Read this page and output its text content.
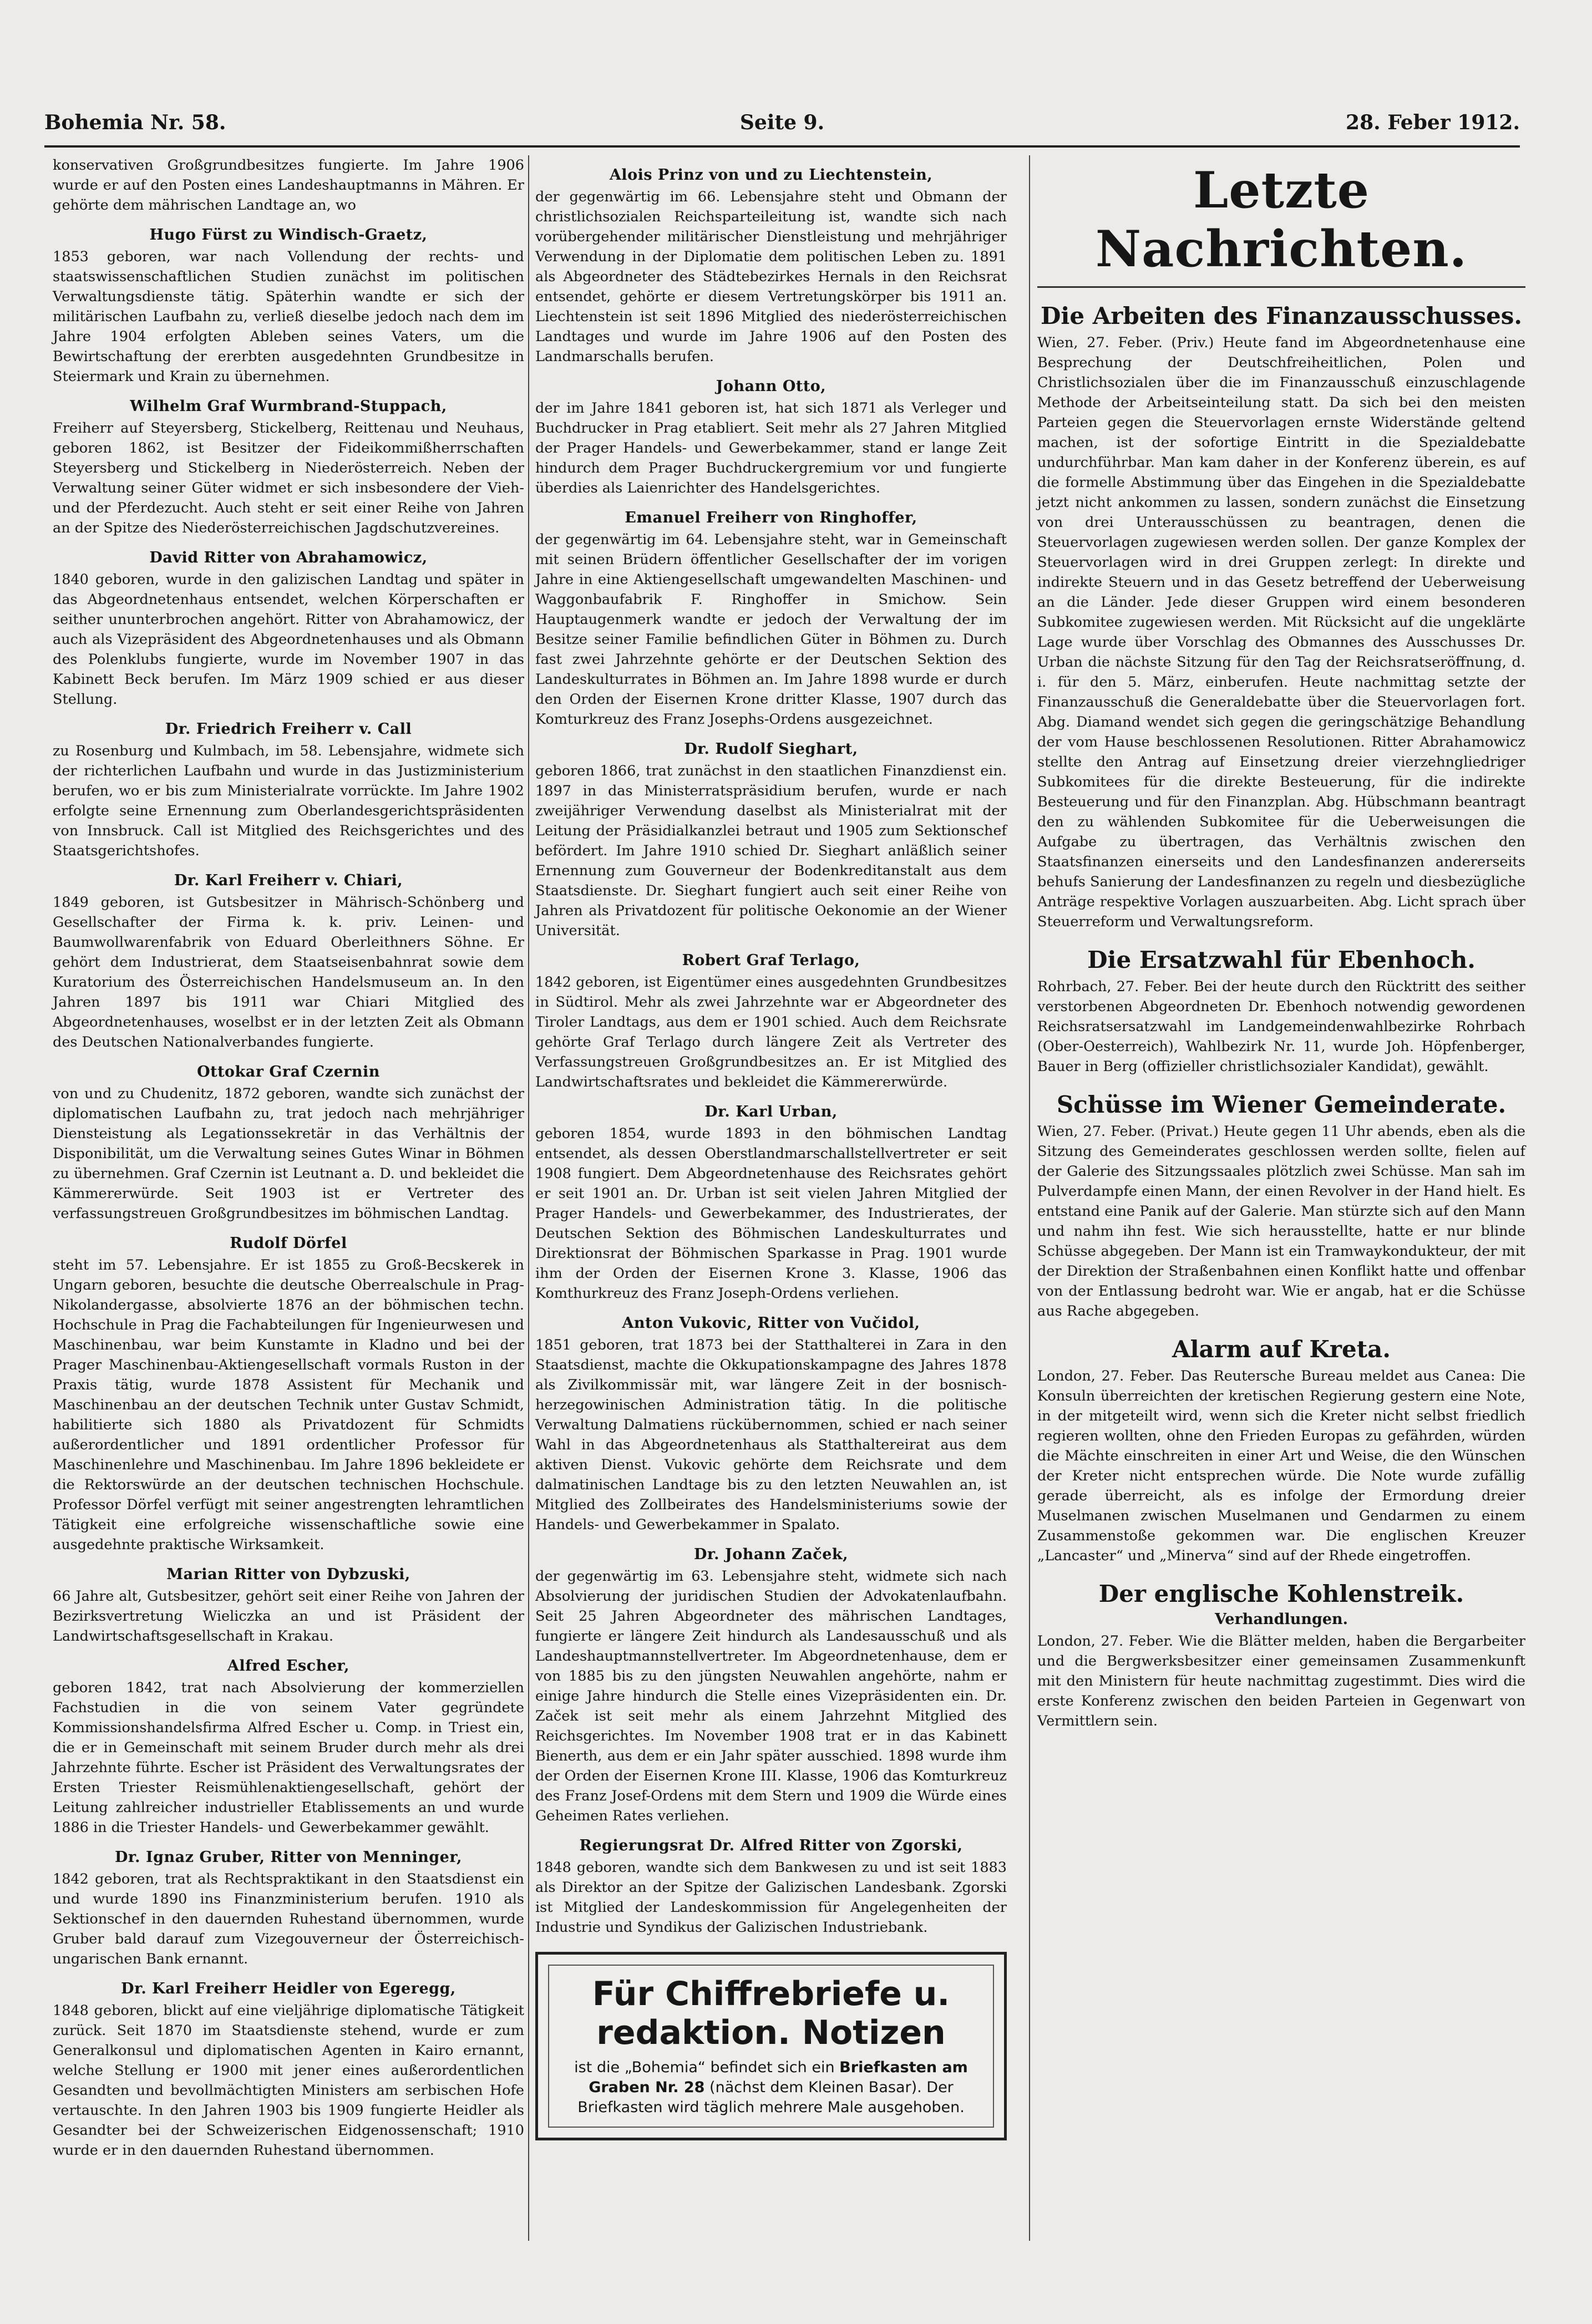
Bohemia Nr. 58.	Seite 9.	28. Feber 1912.

konservativen Großgrundbesitzes fungierte. Im Jahre 1906 wurde er auf den Posten eines Landeshauptmanns in Mähren. Er gehörte dem mährischen Landtage an, wo

Hugo Fürst zu Windisch-Graetz,

1853 geboren, war nach Vollendung der rechts- und staatswissenschaftlichen Studien zunächst im politischen Verwaltungsdienste tätig. Späterhin wandte er sich der militärischen Laufbahn zu, verließ dieselbe jedoch nach dem im Jahre 1904 erfolgten Ableben seines Vaters, um die Bewirtschaftung der ererbten ausgedehnten Grundbesitze in Steiermark und Krain zu übernehmen.

Wilhelm Graf Wurmbrand-Stuppach,

Freiherr auf Steyersberg, Stickelberg, Reittenau und Neuhaus, geboren 1862, ist Besitzer der Fideikommißherrschaften Steyersberg und Stickelberg in Niederösterreich. Neben der Verwaltung seiner Güter widmet er sich insbesondere der Vieh- und der Pferdezucht. Auch steht er seit einer Reihe von Jahren an der Spitze des Niederösterreichischen Jagdschutzvereines.

David Ritter von Abrahamowicz,

1840 geboren, wurde in den galizischen Landtag und später in das Abgeordnetenhaus entsendet, welchen Körperschaften er seither ununterbrochen angehört. Ritter von Abrahamowicz, der auch als Vizepräsident des Abgeordnetenhauses und als Obmann des Polenklubs fungierte, wurde im November 1907 in das Kabinett Beck berufen. Im März 1909 schied er aus dieser Stellung.

Dr. Friedrich Freiherr v. Call

zu Rosenburg und Kulmbach, im 58. Lebensjahre, widmete sich der richterlichen Laufbahn und wurde in das Justizministerium berufen, wo er bis zum Ministerialrate vorrückte. Im Jahre 1902 erfolgte seine Ernennung zum Oberlandesgerichtspräsidenten von Innsbruck. Call ist Mitglied des Reichsgerichtes und des Staatsgerichtshofes.

Dr. Karl Freiherr v. Chiari,

1849 geboren, ist Gutsbesitzer in Mährisch-Schönberg und Gesellschafter der Firma k. k. priv. Leinen- und Baumwollwarenfabrik von Eduard Oberleithners Söhne. Er gehört dem Industrierat, dem Staatseisenbahnrat sowie dem Kuratorium des Österreichischen Handelsmuseum an. In den Jahren 1897 bis 1911 war Chiari Mitglied des Abgeordnetenhauses, woselbst er in der letzten Zeit als Obmann des Deutschen Nationalverbandes fungierte.

Ottokar Graf Czernin

von und zu Chudenitz, 1872 geboren, wandte sich zunächst der diplomatischen Laufbahn zu, trat jedoch nach mehrjähriger Diensteistung als Legationssekretär in das Verhältnis der Disponibilität, um die Verwaltung seines Gutes Winar in Böhmen zu übernehmen. Graf Czernin ist Leutnant a. D. und bekleidet die Kämmererwürde. Seit 1903 ist er Vertreter des verfassungstreuen Großgrundbesitzes im böhmischen Landtag.

Rudolf Dörfel

steht im 57. Lebensjahre. Er ist 1855 zu Groß-Becskerek in Ungarn geboren, besuchte die deutsche Oberrealschule in Prag-Nikolandergasse, absolvierte 1876 an der böhmischen techn. Hochschule in Prag die Fachabteilungen für Ingenieurwesen und Maschinenbau, war beim Kunstamte in Kladno und bei der Prager Maschinenbau-Aktiengesellschaft vormals Ruston in der Praxis tätig, wurde 1878 Assistent für Mechanik und Maschinenbau an der deutschen Technik unter Gustav Schmidt, habilitierte sich 1880 als Privatdozent für Schmidts außerordentlicher und 1891 ordentlicher Professor für Maschinenlehre und Maschinenbau. Im Jahre 1896 bekleidete er die Rektorswürde an der deutschen technischen Hochschule. Professor Dörfel verfügt mit seiner angestrengten lehramtlichen Tätigkeit eine erfolgreiche wissenschaftliche sowie eine ausgedehnte praktische Wirksamkeit.

Marian Ritter von Dybzuski,

66 Jahre alt, Gutsbesitzer, gehört seit einer Reihe von Jahren der Bezirksvertretung Wieliczka an und ist Präsident der Landwirtschaftsgesellschaft in Krakau.

Alfred Escher,

geboren 1842, trat nach Absolvierung der kommerziellen Fachstudien in die von seinem Vater gegründete Kommissionshandelsfirma Alfred Escher u. Comp. in Triest ein, die er in Gemeinschaft mit seinem Bruder durch mehr als drei Jahrzehnte führte. Escher ist Präsident des Verwaltungsrates der Ersten Triester Reismühlenaktiengesellschaft, gehört der Leitung zahlreicher industrieller Etablissements an und wurde 1886 in die Triester Handels- und Gewerbekammer gewählt.

Dr. Ignaz Gruber, Ritter von Menninger,

1842 geboren, trat als Rechtspraktikant in den Staatsdienst ein und wurde 1890 ins Finanzministerium berufen. 1910 als Sektionschef in den dauernden Ruhestand übernommen, wurde Gruber bald darauf zum Vizegouverneur der Österreichisch-ungarischen Bank ernannt.

Dr. Karl Freiherr Heidler von Egeregg,

1848 geboren, blickt auf eine vieljährige diplomatische Tätigkeit zurück. Seit 1870 im Staatsdienste stehend, wurde er zum Generalkonsul und diplomatischen Agenten in Kairo ernannt, welche Stellung er 1900 mit jener eines außerordentlichen Gesandten und bevollmächtigten Ministers am serbischen Hofe vertauschte. In den Jahren 1903 bis 1909 fungierte Heidler als Gesandter bei der Schweizerischen Eidgenossenschaft; 1910 wurde er in den dauernden Ruhestand übernommen.

Alois Prinz von und zu Liechtenstein,

der gegenwärtig im 66. Lebensjahre steht und Obmann der christlichsozialen Reichsparteileitung ist, wandte sich nach vorübergehender militärischer Dienstleistung und mehrjähriger Verwendung in der Diplomatie dem politischen Leben zu. 1891 als Abgeordneter des Städtebezirkes Hernals in den Reichsrat entsendet, gehörte er diesem Vertretungskörper bis 1911 an. Liechtenstein ist seit 1896 Mitglied des niederösterreichischen Landtages und wurde im Jahre 1906 auf den Posten des Landmarschalls berufen.

Johann Otto,

der im Jahre 1841 geboren ist, hat sich 1871 als Verleger und Buchdrucker in Prag etabliert. Seit mehr als 27 Jahren Mitglied der Prager Handels- und Gewerbekammer, stand er lange Zeit hindurch dem Prager Buchdruckergremium vor und fungierte überdies als Laienrichter des Handelsgerichtes.

Emanuel Freiherr von Ringhoffer,

der gegenwärtig im 64. Lebensjahre steht, war in Gemeinschaft mit seinen Brüdern öffentlicher Gesellschafter der im vorigen Jahre in eine Aktiengesellschaft umgewandelten Maschinen- und Waggonbaufabrik F. Ringhoffer in Smichow. Sein Hauptaugenmerk wandte er jedoch der Verwaltung der im Besitze seiner Familie befindlichen Güter in Böhmen zu. Durch fast zwei Jahrzehnte gehörte er der Deutschen Sektion des Landeskulturrates in Böhmen an. Im Jahre 1898 wurde er durch den Orden der Eisernen Krone dritter Klasse, 1907 durch das Komturkreuz des Franz Josephs-Ordens ausgezeichnet.

Dr. Rudolf Sieghart,

geboren 1866, trat zunächst in den staatlichen Finanzdienst ein. 1897 in das Ministerratspräsidium berufen, wurde er nach zweijähriger Verwendung daselbst als Ministerialrat mit der Leitung der Präsidialkanzlei betraut und 1905 zum Sektionschef befördert. Im Jahre 1910 schied Dr. Sieghart anläßlich seiner Ernennung zum Gouverneur der Bodenkreditanstalt aus dem Staatsdienste. Dr. Sieghart fungiert auch seit einer Reihe von Jahren als Privatdozent für politische Oekonomie an der Wiener Universität.

Robert Graf Terlago,

1842 geboren, ist Eigentümer eines ausgedehnten Grundbesitzes in Südtirol. Mehr als zwei Jahrzehnte war er Abgeordneter des Tiroler Landtags, aus dem er 1901 schied. Auch dem Reichsrate gehörte Graf Terlago durch längere Zeit als Vertreter des Verfassungstreuen Großgrundbesitzes an. Er ist Mitglied des Landwirtschaftsrates und bekleidet die Kämmererwürde.

Dr. Karl Urban,

geboren 1854, wurde 1893 in den böhmischen Landtag entsendet, als dessen Oberstlandmarschallstellvertreter er seit 1908 fungiert. Dem Abgeordnetenhause des Reichsrates gehört er seit 1901 an. Dr. Urban ist seit vielen Jahren Mitglied der Prager Handels- und Gewerbekammer, des Industrierates, der Deutschen Sektion des Böhmischen Landeskulturrates und Direktionsrat der Böhmischen Sparkasse in Prag. 1901 wurde ihm der Orden der Eisernen Krone 3. Klasse, 1906 das Komthurkreuz des Franz Joseph-Ordens verliehen.

Anton Vukovic, Ritter von Vučidol,

1851 geboren, trat 1873 bei der Statthalterei in Zara in den Staatsdienst, machte die Okkupationskampagne des Jahres 1878 als Zivilkommissär mit, war längere Zeit in der bosnisch-herzegowinischen Administration tätig. In die politische Verwaltung Dalmatiens rückübernommen, schied er nach seiner Wahl in das Abgeordnetenhaus als Statthaltereirat aus dem aktiven Dienst. Vukovic gehörte dem Reichsrate und dem dalmatinischen Landtage bis zu den letzten Neuwahlen an, ist Mitglied des Zollbeirates des Handelsministeriums sowie der Handels- und Gewerbekammer in Spalato.

Dr. Johann Začek,

der gegenwärtig im 63. Lebensjahre steht, widmete sich nach Absolvierung der juridischen Studien der Advokatenlaufbahn. Seit 25 Jahren Abgeordneter des mährischen Landtages, fungierte er längere Zeit hindurch als Landesausschuß und als Landeshauptmannstellvertreter. Im Abgeordnetenhause, dem er von 1885 bis zu den jüngsten Neuwahlen angehörte, nahm er einige Jahre hindurch die Stelle eines Vizepräsidenten ein. Dr. Začek ist seit mehr als einem Jahrzehnt Mitglied des Reichsgerichtes. Im November 1908 trat er in das Kabinett Bienerth, aus dem er ein Jahr später ausschied. 1898 wurde ihm der Orden der Eisernen Krone III. Klasse, 1906 das Komturkreuz des Franz Josef-Ordens mit dem Stern und 1909 die Würde eines Geheimen Rates verliehen.

Regierungsrat Dr. Alfred Ritter von Zgorski,

1848 geboren, wandte sich dem Bankwesen zu und ist seit 1883 als Direktor an der Spitze der Galizischen Landesbank. Zgorski ist Mitglied der Landeskommission für Angelegenheiten der Industrie und Syndikus der Galizischen Industriebank.

Für Chiffrebriefe u.
redaktion. Notizen
ist die „Bohemia“ befindet sich ein Briefkasten am Graben Nr. 28 (nächst dem Kleinen Basar). Der Briefkasten wird täglich mehrere Male ausgehoben.
Letzte Nachrichten.
Die Arbeiten des Finanzausschusses.

Wien, 27. Feber. (Priv.) Heute fand im Abgeordnetenhause eine Besprechung der Deutschfreiheitlichen, Polen und Christlichsozialen über die im Finanzausschuß einzuschlagende Methode der Arbeitseinteilung statt. Da sich bei den meisten Parteien gegen die Steuervorlagen ernste Widerstände geltend machen, ist der sofortige Eintritt in die Spezialdebatte undurchführbar. Man kam daher in der Konferenz überein, es auf die formelle Abstimmung über das Eingehen in die Spezialdebatte jetzt nicht ankommen zu lassen, sondern zunächst die Einsetzung von drei Unterausschüssen zu beantragen, denen die Steuervorlagen zugewiesen werden sollen. Der ganze Komplex der Steuervorlagen wird in drei Gruppen zerlegt: In direkte und indirekte Steuern und in das Gesetz betreffend der Ueberweisung an die Länder. Jede dieser Gruppen wird einem besonderen Subkomitee zugewiesen werden. Mit Rücksicht auf die ungeklärte Lage wurde über Vorschlag des Obmannes des Ausschusses Dr. Urban die nächste Sitzung für den Tag der Reichsratseröffnung, d. i. für den 5. März, einberufen. Heute nachmittag setzte der Finanzausschuß die Generaldebatte über die Steuervorlagen fort. Abg. Diamand wendet sich gegen die geringschätzige Behandlung der vom Hause beschlossenen Resolutionen. Ritter Abrahamowicz stellte den Antrag auf Einsetzung dreier vierzehngliedriger Subkomitees für die direkte Besteuerung, für die indirekte Besteuerung und für den Finanzplan. Abg. Hübschmann beantragt den zu wählenden Subkomitee für die Ueberweisungen die Aufgabe zu übertragen, das Verhältnis zwischen den Staatsfinanzen einerseits und den Landesfinanzen andererseits behufs Sanierung der Landesfinanzen zu regeln und diesbezügliche Anträge respektive Vorlagen auszuarbeiten. Abg. Licht sprach über Steuerreform und Verwaltungsreform.

Die Ersatzwahl für Ebenhoch.

Rohrbach, 27. Feber. Bei der heute durch den Rücktritt des seither verstorbenen Abgeordneten Dr. Ebenhoch notwendig gewordenen Reichsratsersatzwahl im Landgemeindenwahlbezirke Rohrbach (Ober-Oesterreich), Wahlbezirk Nr. 11, wurde Joh. Höpfenberger, Bauer in Berg (offizieller christlichsozialer Kandidat), gewählt.

Schüsse im Wiener Gemeinderate.

Wien, 27. Feber. (Privat.) Heute gegen 11 Uhr abends, eben als die Sitzung des Gemeinderates geschlossen werden sollte, fielen auf der Galerie des Sitzungssaales plötzlich zwei Schüsse. Man sah im Pulverdampfe einen Mann, der einen Revolver in der Hand hielt. Es entstand eine Panik auf der Galerie. Man stürzte sich auf den Mann und nahm ihn fest. Wie sich herausstellte, hatte er nur blinde Schüsse abgegeben. Der Mann ist ein Tramwaykondukteur, der mit der Direktion der Straßenbahnen einen Konflikt hatte und offenbar von der Entlassung bedroht war. Wie er angab, hat er die Schüsse aus Rache abgegeben.

Alarm auf Kreta.

London, 27. Feber. Das Reutersche Bureau meldet aus Canea: Die Konsuln überreichten der kretischen Regierung gestern eine Note, in der mitgeteilt wird, wenn sich die Kreter nicht selbst friedlich regieren wollten, ohne den Frieden Europas zu gefährden, würden die Mächte einschreiten in einer Art und Weise, die den Wünschen der Kreter nicht entsprechen würde. Die Note wurde zufällig gerade überreicht, als es infolge der Ermordung dreier Muselmanen zwischen Muselmanen und Gendarmen zu einem Zusammenstoße gekommen war. Die englischen Kreuzer „Lancaster“ und „Minerva“ sind auf der Rhede eingetroffen.

Der englische Kohlenstreik.
Verhandlungen.

London, 27. Feber. Wie die Blätter melden, haben die Bergarbeiter und die Bergwerksbesitzer einer gemeinsamen Zusammenkunft mit den Ministern für heute nachmittag zugestimmt. Dies wird die erste Konferenz zwischen den beiden Parteien in Gegenwart von Vermittlern sein.
